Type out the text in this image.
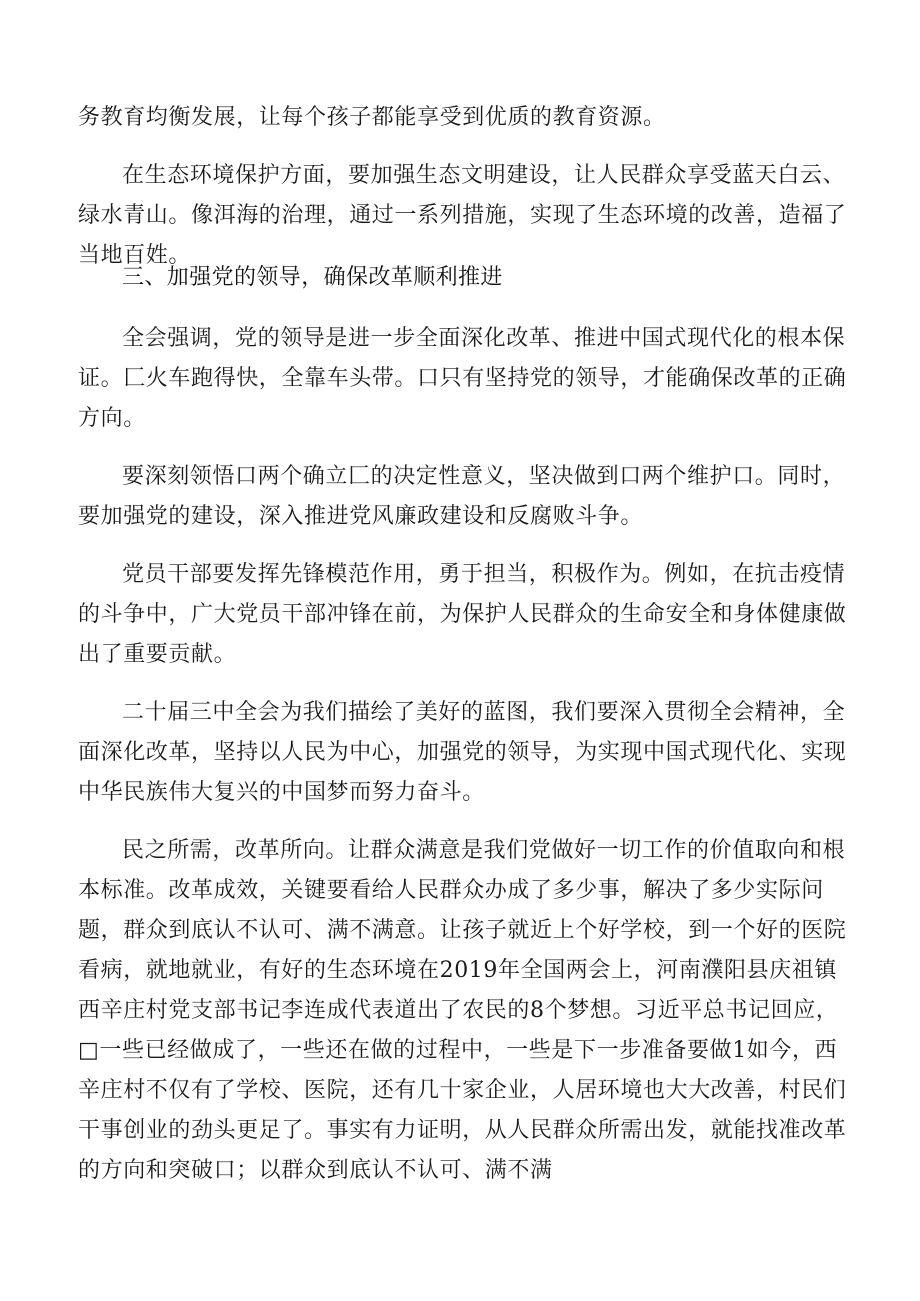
务教育均衡发展，让每个孩子都能享受到优质的教育资源。

在生态环境保护方面，要加强生态文明建设，让人民群众享受蓝天白云、绿水青山。像洱海的治理，通过一系列措施，实现了生态环境的改善，造福了当地百姓。

三、加强党的领导，确保改革顺利推进

全会强调，党的领导是进一步全面深化改革、推进中国式现代化的根本保证。匚火车跑得快，全靠车头带。口只有坚持党的领导，才能确保改革的正确方向。

要深刻领悟口两个确立匚的决定性意义，坚决做到口两个维护口。同时，要加强党的建设，深入推进党风廉政建设和反腐败斗争。

党员干部要发挥先锋模范作用，勇于担当，积极作为。例如，在抗击疫情的斗争中，广大党员干部冲锋在前，为保护人民群众的生命安全和身体健康做出了重要贡献。

二十届三中全会为我们描绘了美好的蓝图，我们要深入贯彻全会精神，全面深化改革，坚持以人民为中心，加强党的领导，为实现中国式现代化、实现中华民族伟大复兴的中国梦而努力奋斗。

民之所需，改革所向。让群众满意是我们党做好一切工作的价值取向和根本标准。改革成效，关键要看给人民群众办成了多少事，解决了多少实际问题，群众到底认不认可、满不满意。让孩子就近上个好学校，到一个好的医院看病，就地就业，有好的生态环境在2019年全国两会上，河南濮阳县庆祖镇西辛庄村党支部书记李连成代表道出了农民的8个梦想。习近平总书记回应，□一些已经做成了，一些还在做的过程中，一些是下一步准备要做1如今，西辛庄村不仅有了学校、医院，还有几十家企业，人居环境也大大改善，村民们干事创业的劲头更足了。事实有力证明，从人民群众所需出发，就能找准改革的方向和突破口；以群众到底认不认可、满不满
